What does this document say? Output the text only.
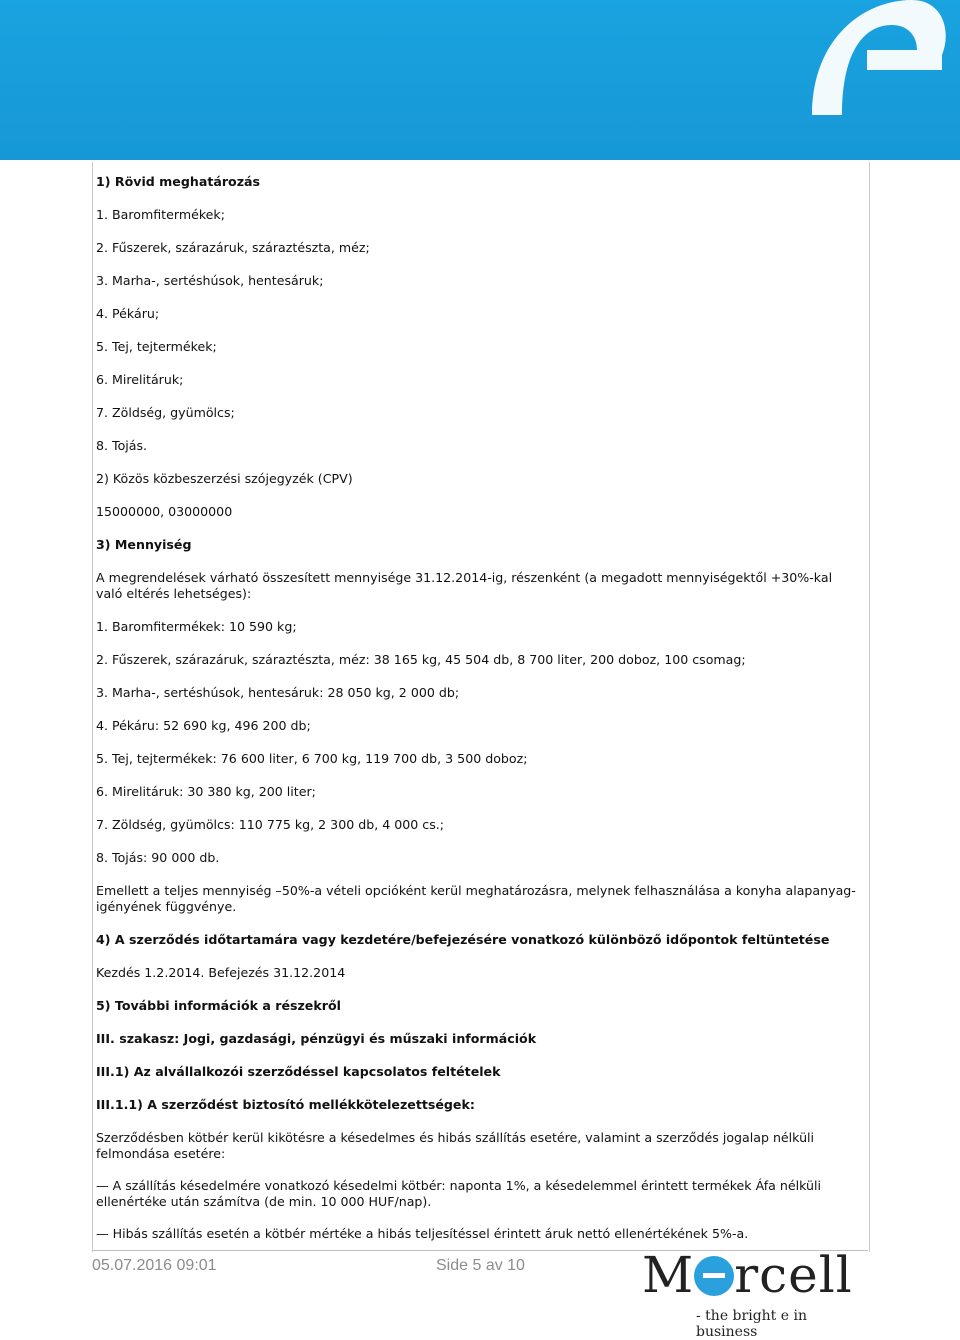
1) Rövid meghatározás
1. Baromfitermékek;
2. Fűszerek, szárazáruk, száraztészta, méz;
3. Marha-, sertéshúsok, hentesáruk;
4. Pékáru;
5. Tej, tejtermékek;
6. Mirelitáruk;
7. Zöldség, gyümölcs;
8. Tojás.
2) Közös közbeszerzési szójegyzék (CPV)
15000000, 03000000
3) Mennyiség
A megrendelések várható összesített mennyisége 31.12.2014-ig, részenként (a megadott mennyiségektől +30%-kal való eltérés lehetséges):
1. Baromfitermékek: 10 590 kg;
2. Fűszerek, szárazáruk, száraztészta, méz: 38 165 kg, 45 504 db, 8 700 liter, 200 doboz, 100 csomag;
3. Marha-, sertéshúsok, hentesáruk: 28 050 kg, 2 000 db;
4. Pékáru: 52 690 kg, 496 200 db;
5. Tej, tejtermékek: 76 600 liter, 6 700 kg, 119 700 db, 3 500 doboz;
6. Mirelitáruk: 30 380 kg, 200 liter;
7. Zöldség, gyümölcs: 110 775 kg, 2 300 db, 4 000 cs.;
8. Tojás: 90 000 db.
Emellett a teljes mennyiség –50%-a vételi opcióként kerül meghatározásra, melynek felhasználása a konyha alapanyag-igényének függvénye.
4) A szerződés időtartamára vagy kezdetére/befejezésére vonatkozó különböző időpontok feltüntetése
Kezdés 1.2.2014. Befejezés 31.12.2014
5) További információk a részekről
III. szakasz: Jogi, gazdasági, pénzügyi és műszaki információk
III.1) Az alvállalkozói szerződéssel kapcsolatos feltételek
III.1.1) A szerződést biztosító mellékkötelezettségek:
Szerződésben kötbér kerül kikötésre a késedelmes és hibás szállítás esetére, valamint a szerződés jogalap nélküli felmondása esetére:
— A szállítás késedelmére vonatkozó késedelmi kötbér: naponta 1%, a késedelemmel érintett termékek Áfa nélküli ellenértéke után számítva (de min. 10 000 HUF/nap).
— Hibás szállítás esetén a kötbér mértéke a hibás teljesítéssel érintett áruk nettó ellenértékének 5%-a.
05.07.2016 09:01	Side 5 av 10 M rcell
- the bright e in business
